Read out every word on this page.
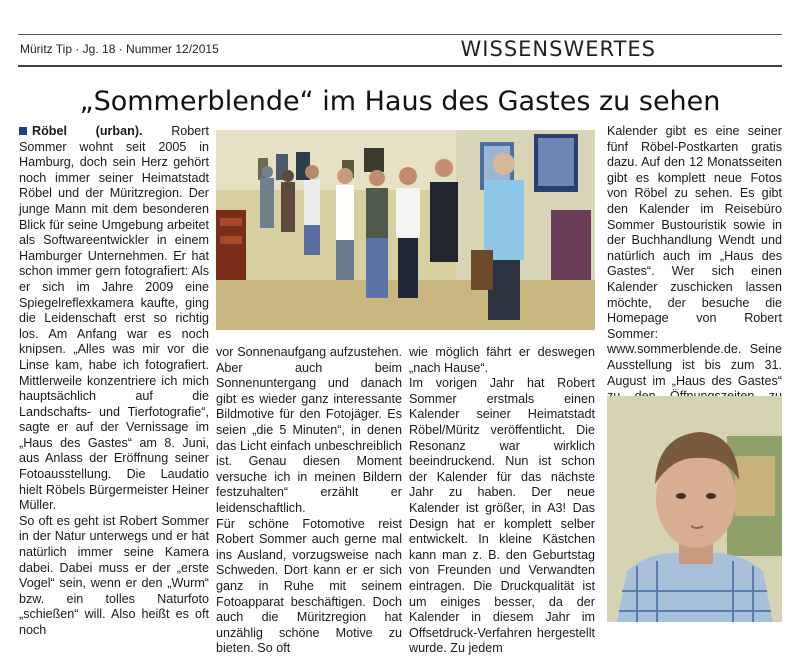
Müritz Tip · Jg. 18 · Nummer 12/2015	WISSENSWERTES
„Sommerblende“ im Haus des Gastes zu sehen

Röbel (urban). Robert Sommer wohnt seit 2005 in Hamburg, doch sein Herz gehört noch immer seiner Heimatstadt Röbel und der Müritzregion. Der junge Mann mit dem besonderen Blick für seine Umgebung arbeitet als Softwareentwickler in einem Hamburger Unternehmen. Er hat schon immer gern fotografiert: Als er sich im Jahre 2009 eine Spiegelreflexkamera kaufte, ging die Leidenschaft erst so richtig los. Am Anfang war es noch knipsen. „Alles was mir vor die Linse kam, habe ich fotografiert. Mittlerweile konzentriere ich mich hauptsächlich auf die Landschafts- und Tierfotografie“, sagte er auf der Vernissage im „Haus des Gastes“ am 8. Juni, aus Anlass der Eröffnung seiner Fotoausstellung. Die Laudatio hielt Röbels Bürgermeister Heiner Müller.

So oft es geht ist Robert Sommer in der Natur unterwegs und er hat natürlich immer seine Kamera dabei. Dabei muss er der „erste Vogel“ sein, wenn er den „Wurm“ bzw. ein tolles Naturfoto „schießen“ will. Also heißt es oft noch

vor Sonnenaufgang aufzustehen. Aber auch beim Sonnenuntergang und danach gibt es wieder ganz interessante Bildmotive für den Fotojäger. Es seien „die 5 Minuten“, in denen das Licht einfach unbeschreiblich ist. Genau diesen Moment versuche ich in meinen Bildern festzuhalten“ erzählt er leidenschaftlich.

Für schöne Fotomotive reist Robert Sommer auch gerne mal ins Ausland, vorzugsweise nach Schweden. Dort kann er er sich ganz in Ruhe mit seinem Fotoapparat beschäftigen. Doch auch die Müritzregion hat unzählig schöne Motive zu bieten. So oft

wie möglich fährt er deswegen „nach Hause“.

Im vorigen Jahr hat Robert Sommer erstmals einen Kalender seiner Heimatstadt Röbel/Müritz veröffentlicht. Die Resonanz war wirklich beeindruckend. Nun ist schon der Kalender für das nächste Jahr zu haben. Der neue Kalender ist größer, in A3! Das Design hat er komplett selber entwickelt. In kleine Kästchen kann man z. B. den Geburtstag von Freunden und Verwandten eintragen. Die Druckqualität ist um einiges besser, da der Kalender in diesem Jahr im Offsetdruck-Verfahren hergestellt wurde. Zu jedem

Kalender gibt es eine seiner fünf Röbel-Postkarten gratis dazu. Auf den 12 Monatsseiten gibt es komplett neue Fotos von Röbel zu sehen. Es gibt den Kalender im Reisebüro Sommer Bustouristik sowie in der Buchhandlung Wendt und natürlich auch im „Haus des Gastes“. Wer sich einen Kalender zuschicken lassen möchte, der besuche die Homepage von Robert Sommer: www.sommerblende.de. Seine Ausstellung ist bis zum 31. August im „Haus des Gastes“
